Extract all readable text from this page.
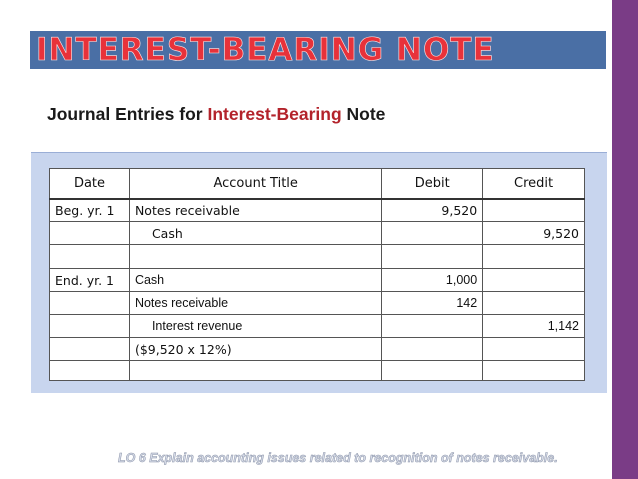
INTEREST-BEARING NOTE
Journal Entries for Interest-Bearing Note
Date	Account Title	Debit	Credit
Beg. yr. 1	Notes receivable	9,520	
	Cash		9,520

End. yr. 1	Cash	1,000	
	Notes receivable	142	
	Interest revenue		1,142
	($9,520 x 12%)		

LO 6 Explain accounting issues related to recognition of notes receivable.
